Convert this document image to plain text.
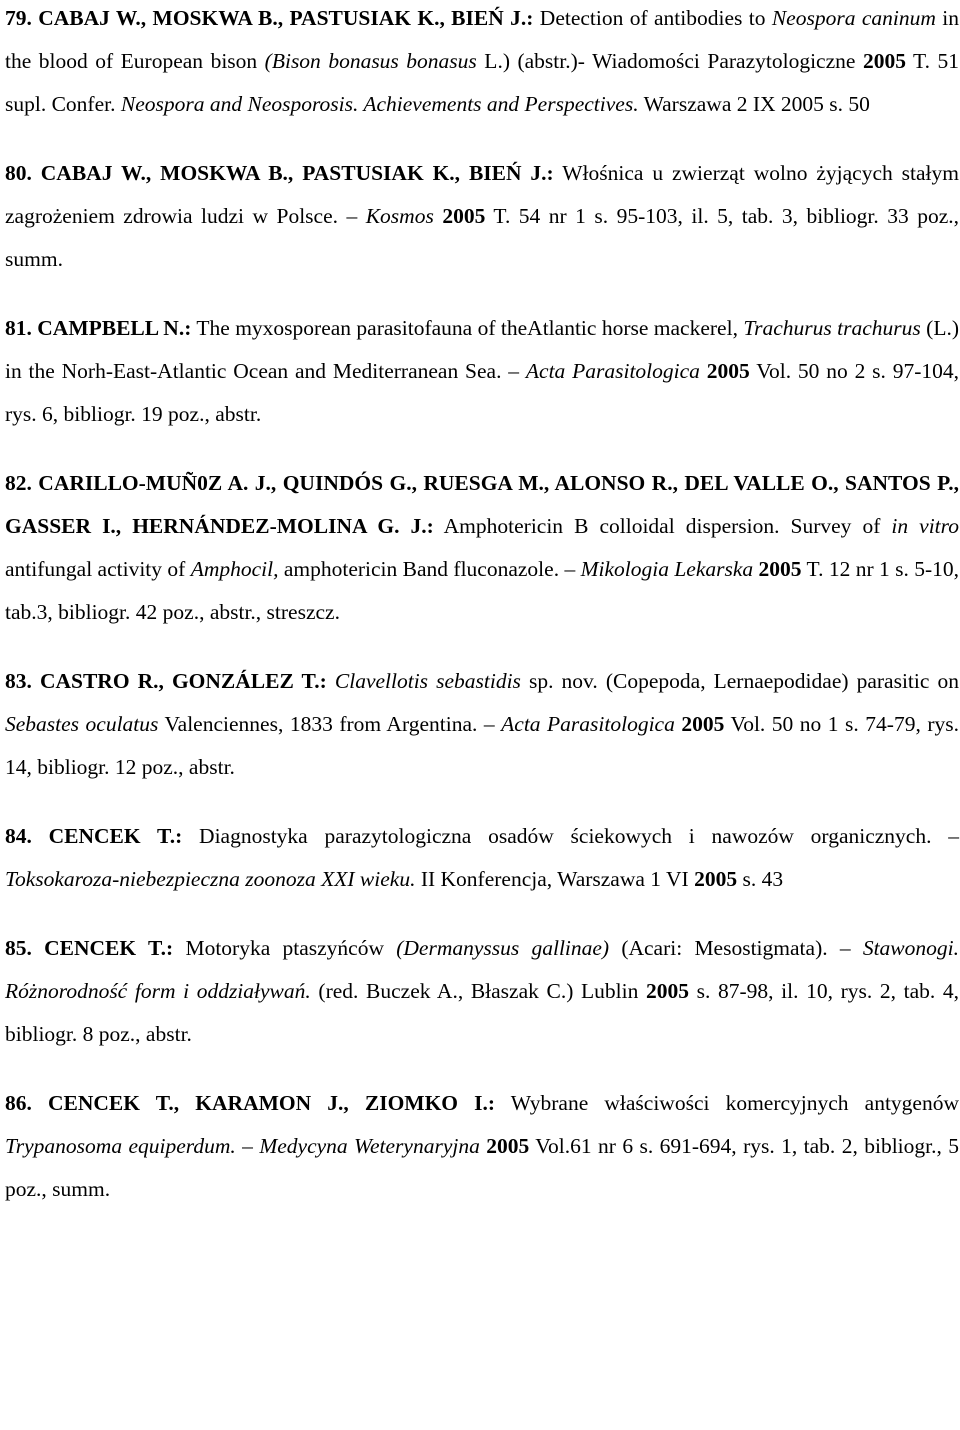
79. CABAJ W., MOSKWA B., PASTUSIAK K., BIEŃ J.: Detection of antibodies to Neospora caninum in the blood of European bison (Bison bonasus bonasus L.) (abstr.)- Wiadomości Parazytologiczne 2005 T. 51 supl. Confer. Neospora and Neosporosis. Achievements and Perspectives. Warszawa 2 IX 2005 s. 50

80. CABAJ W., MOSKWA B., PASTUSIAK K., BIEŃ J.: Włośnica u zwierząt wolno żyjących stałym zagrożeniem zdrowia ludzi w Polsce. – Kosmos 2005 T. 54 nr 1 s. 95-103, il. 5, tab. 3, bibliogr. 33 poz., summ.

81. CAMPBELL N.: The myxosporean parasitofauna of theAtlantic horse mackerel, Trachurus trachurus (L.) in the Norh-East-Atlantic Ocean and Mediterranean Sea. – Acta Parasitologica 2005 Vol. 50 no 2 s. 97-104, rys. 6, bibliogr. 19 poz., abstr.

82. CARILLO-MUÑ0Z A. J., QUINDÓS G., RUESGA M., ALONSO R., DEL VALLE O., SANTOS P., GASSER I., HERNÁNDEZ-MOLINA G. J.: Amphotericin B colloidal dispersion. Survey of in vitro antifungal activity of Amphocil, amphotericin Band fluconazole. – Mikologia Lekarska 2005 T. 12 nr 1 s. 5-10, tab.3, bibliogr. 42 poz., abstr., streszcz.

83. CASTRO R., GONZÁLEZ T.: Clavellotis sebastidis sp. nov. (Copepoda, Lernaepodidae) parasitic on Sebastes oculatus Valenciennes, 1833 from Argentina. – Acta Parasitologica 2005 Vol. 50 no 1 s. 74-79, rys. 14, bibliogr. 12 poz., abstr.

84. CENCEK T.: Diagnostyka parazytologiczna osadów ściekowych i nawozów organicznych. – Toksokaroza-niebezpieczna zoonoza XXI wieku. II Konferencja, Warszawa 1 VI 2005 s. 43

85. CENCEK T.: Motoryka ptaszyńców (Dermanyssus gallinae) (Acari: Mesostigmata). – Stawonogi. Różnorodność form i oddziaływań. (red. Buczek A., Błaszak C.) Lublin 2005 s. 87-98, il. 10, rys. 2, tab. 4, bibliogr. 8 poz., abstr.

86. CENCEK T., KARAMON J., ZIOMKO I.: Wybrane właściwości komercyjnych antygenów Trypanosoma equiperdum. – Medycyna Weterynaryjna 2005 Vol.61 nr 6 s. 691-694, rys. 1, tab. 2, bibliogr., 5 poz., summ.
